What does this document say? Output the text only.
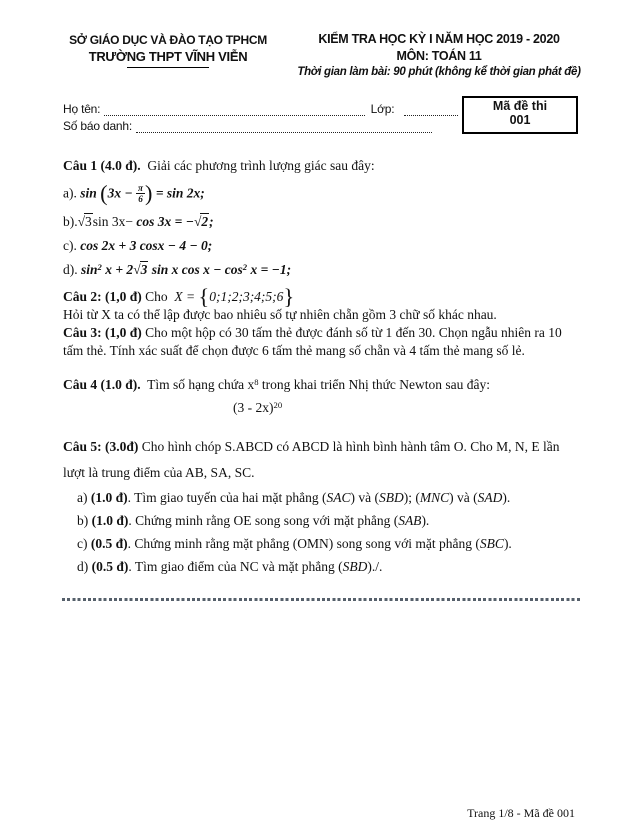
SỞ GIÁO DỤC VÀ ĐÀO TẠO TPHCM
TRƯỜNG THPT VĨNH VIỄN
KIỂM TRA HỌC KỲ I NĂM HỌC 2019 - 2020
MÔN: TOÁN 11
Thời gian làm bài: 90 phút (không kể thời gian phát đề)
Họ tên:	Lớp:
Số báo danh:
Mã đề thi
001

Câu 1 (4.0 đ).  Giải các phương trình lượng giác sau đây:

a). $\sin (3x - \frac{\pi}{6}$ ) = sin 2x;

b).√3sin 3x− cos 3x = −√2;

c). cos 2x + 3 cosx − 4 − 0;

d). $\sin^2 x + 2√3$ sin x $\cos x - \cos^2 x = -1$;

Câu 2: (1,0 đ) Cho  X = {0;1;2;3;4;5;6}

Hỏi từ X ta có thể lập được bao nhiêu số tự nhiên chẵn gồm 3 chữ số khác nhau.

Câu 3: (1,0 đ) Cho một hộp có 30 tấm thẻ được đánh số từ 1 đến 30. Chọn ngẫu nhiên ra 10 tấm thẻ. Tính xác suất để chọn được 6 tấm thẻ mang số chẵn và 4 tấm thẻ mang số lẻ.

Câu 4 (1.0 đ).  Tìm số hạng chứa $x^8$ trong khai triển Nhị thức Newton sau đây:

(3 - 2x)$^{20}$

Câu 5: (3.0đ) Cho hình chóp S.ABCD có ABCD là hình bình hành tâm O. Cho M, N, E lần lượt là trung điểm của AB, SA, SC.

a) (1.0 đ). Tìm giao tuyến của hai mặt phẳng (SAC) và (SBD); (MNC) và (SAD).

b) (1.0 đ). Chứng minh rằng OE song song với mặt phẳng (SAB).

c) (0.5 đ). Chứng minh rằng mặt phẳng (OMN) song song với mặt phẳng (SBC).

d) (0.5 đ). Tìm giao điểm của NC và mặt phẳng (SBD)./.

Trang 1/8 - Mã đề 001
